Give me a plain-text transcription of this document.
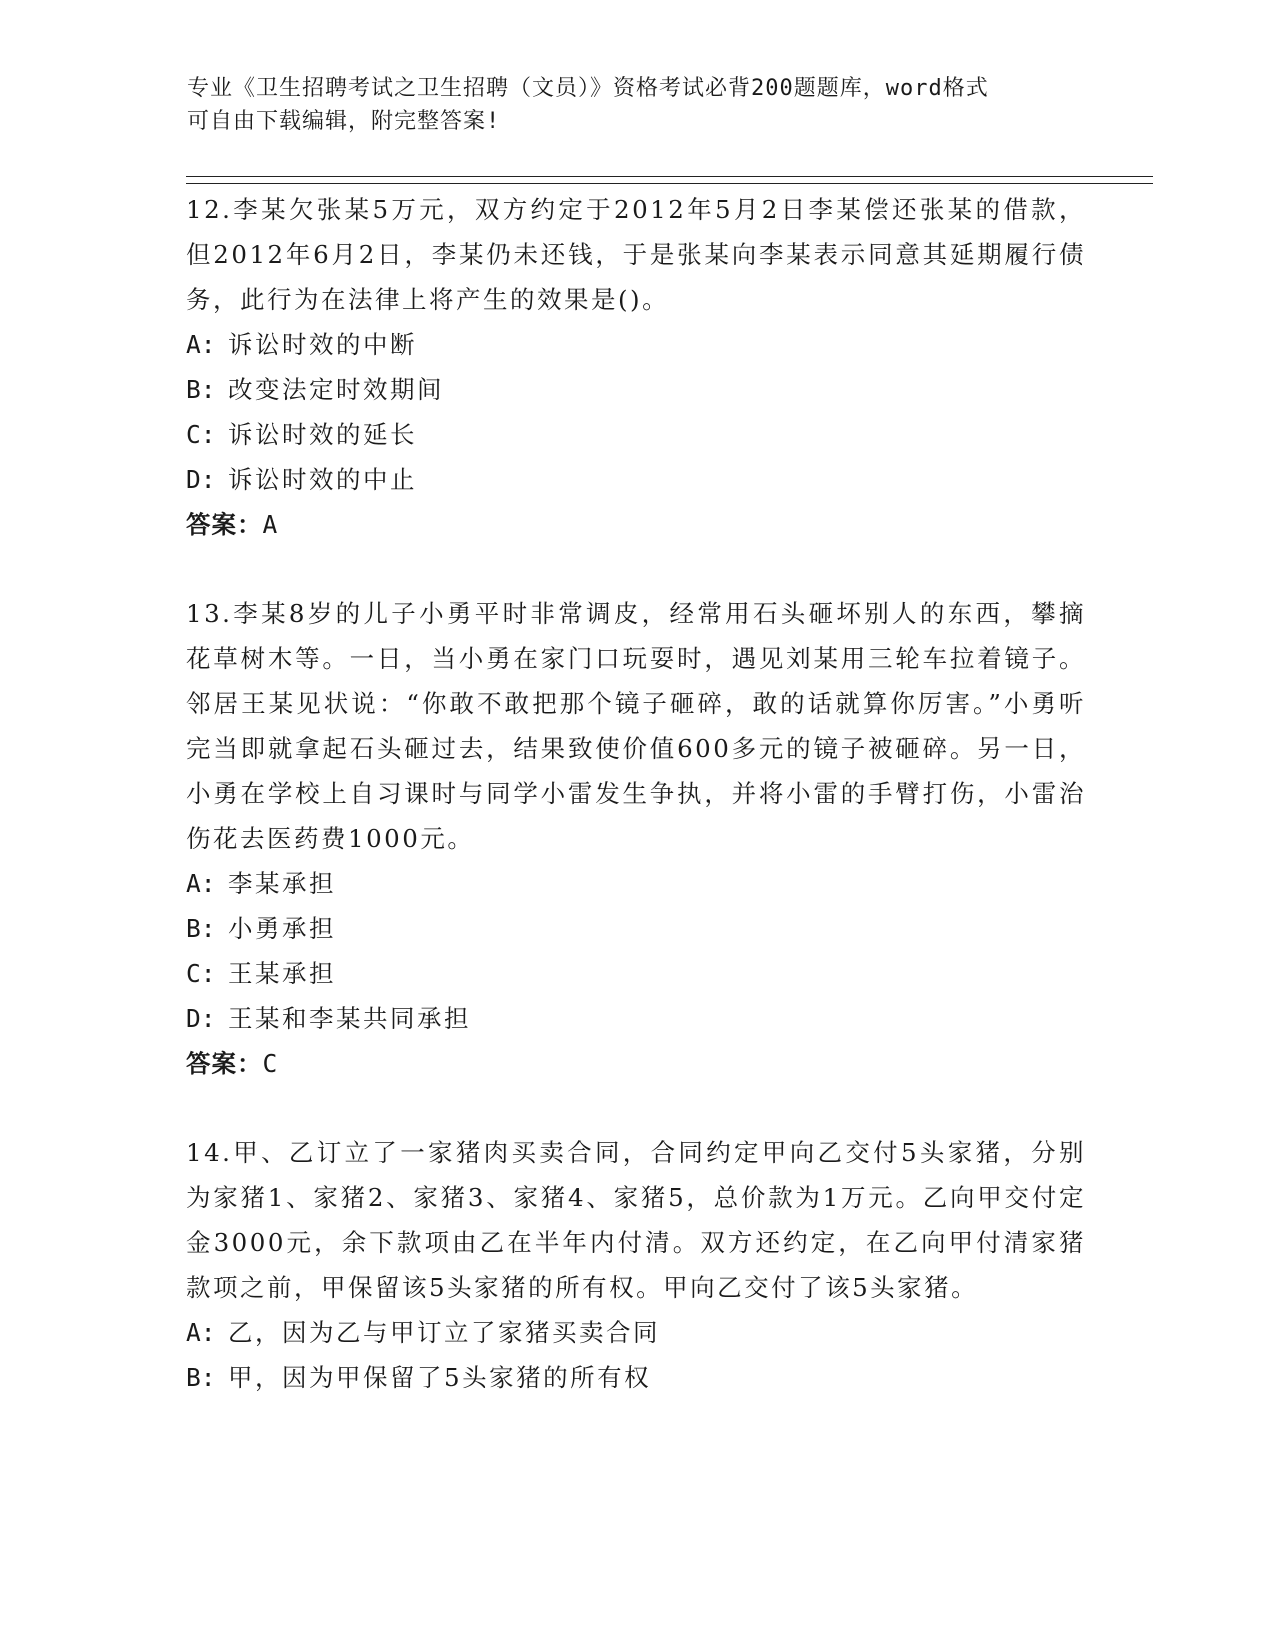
专业《卫生招聘考试之卫生招聘（文员）》资格考试必背200题题库，word格式
可自由下载编辑，附完整答案!

12.李某欠张某5万元，双方约定于2012年5月2日李某偿还张某的借款，但2012年6月2日，李某仍未还钱，于是张某向李某表示同意其延期履行债务，此行为在法律上将产生的效果是()。

A: 诉讼时效的中断
B: 改变法定时效期间
C: 诉讼时效的延长
D: 诉讼时效的中止

答案：A

13.李某8岁的儿子小勇平时非常调皮，经常用石头砸坏别人的东西，攀摘花草树木等。一日，当小勇在家门口玩耍时，遇见刘某用三轮车拉着镜子。邻居王某见状说：“你敢不敢把那个镜子砸碎，敢的话就算你厉害。”小勇听完当即就拿起石头砸过去，结果致使价值600多元的镜子被砸碎。另一日，小勇在学校上自习课时与同学小雷发生争执，并将小雷的手臂打伤，小雷治伤花去医药费1000元。

A: 李某承担
B: 小勇承担
C: 王某承担
D: 王某和李某共同承担

答案：C

14.甲、乙订立了一家猪肉买卖合同，合同约定甲向乙交付5头家猪，分别为家猪1、家猪2、家猪3、家猪4、家猪5，总价款为1万元。乙向甲交付定金3000元，余下款项由乙在半年内付清。双方还约定，在乙向甲付清家猪款项之前，甲保留该5头家猪的所有权。甲向乙交付了该5头家猪。

A: 乙，因为乙与甲订立了家猪买卖合同
B: 甲，因为甲保留了5头家猪的所有权
